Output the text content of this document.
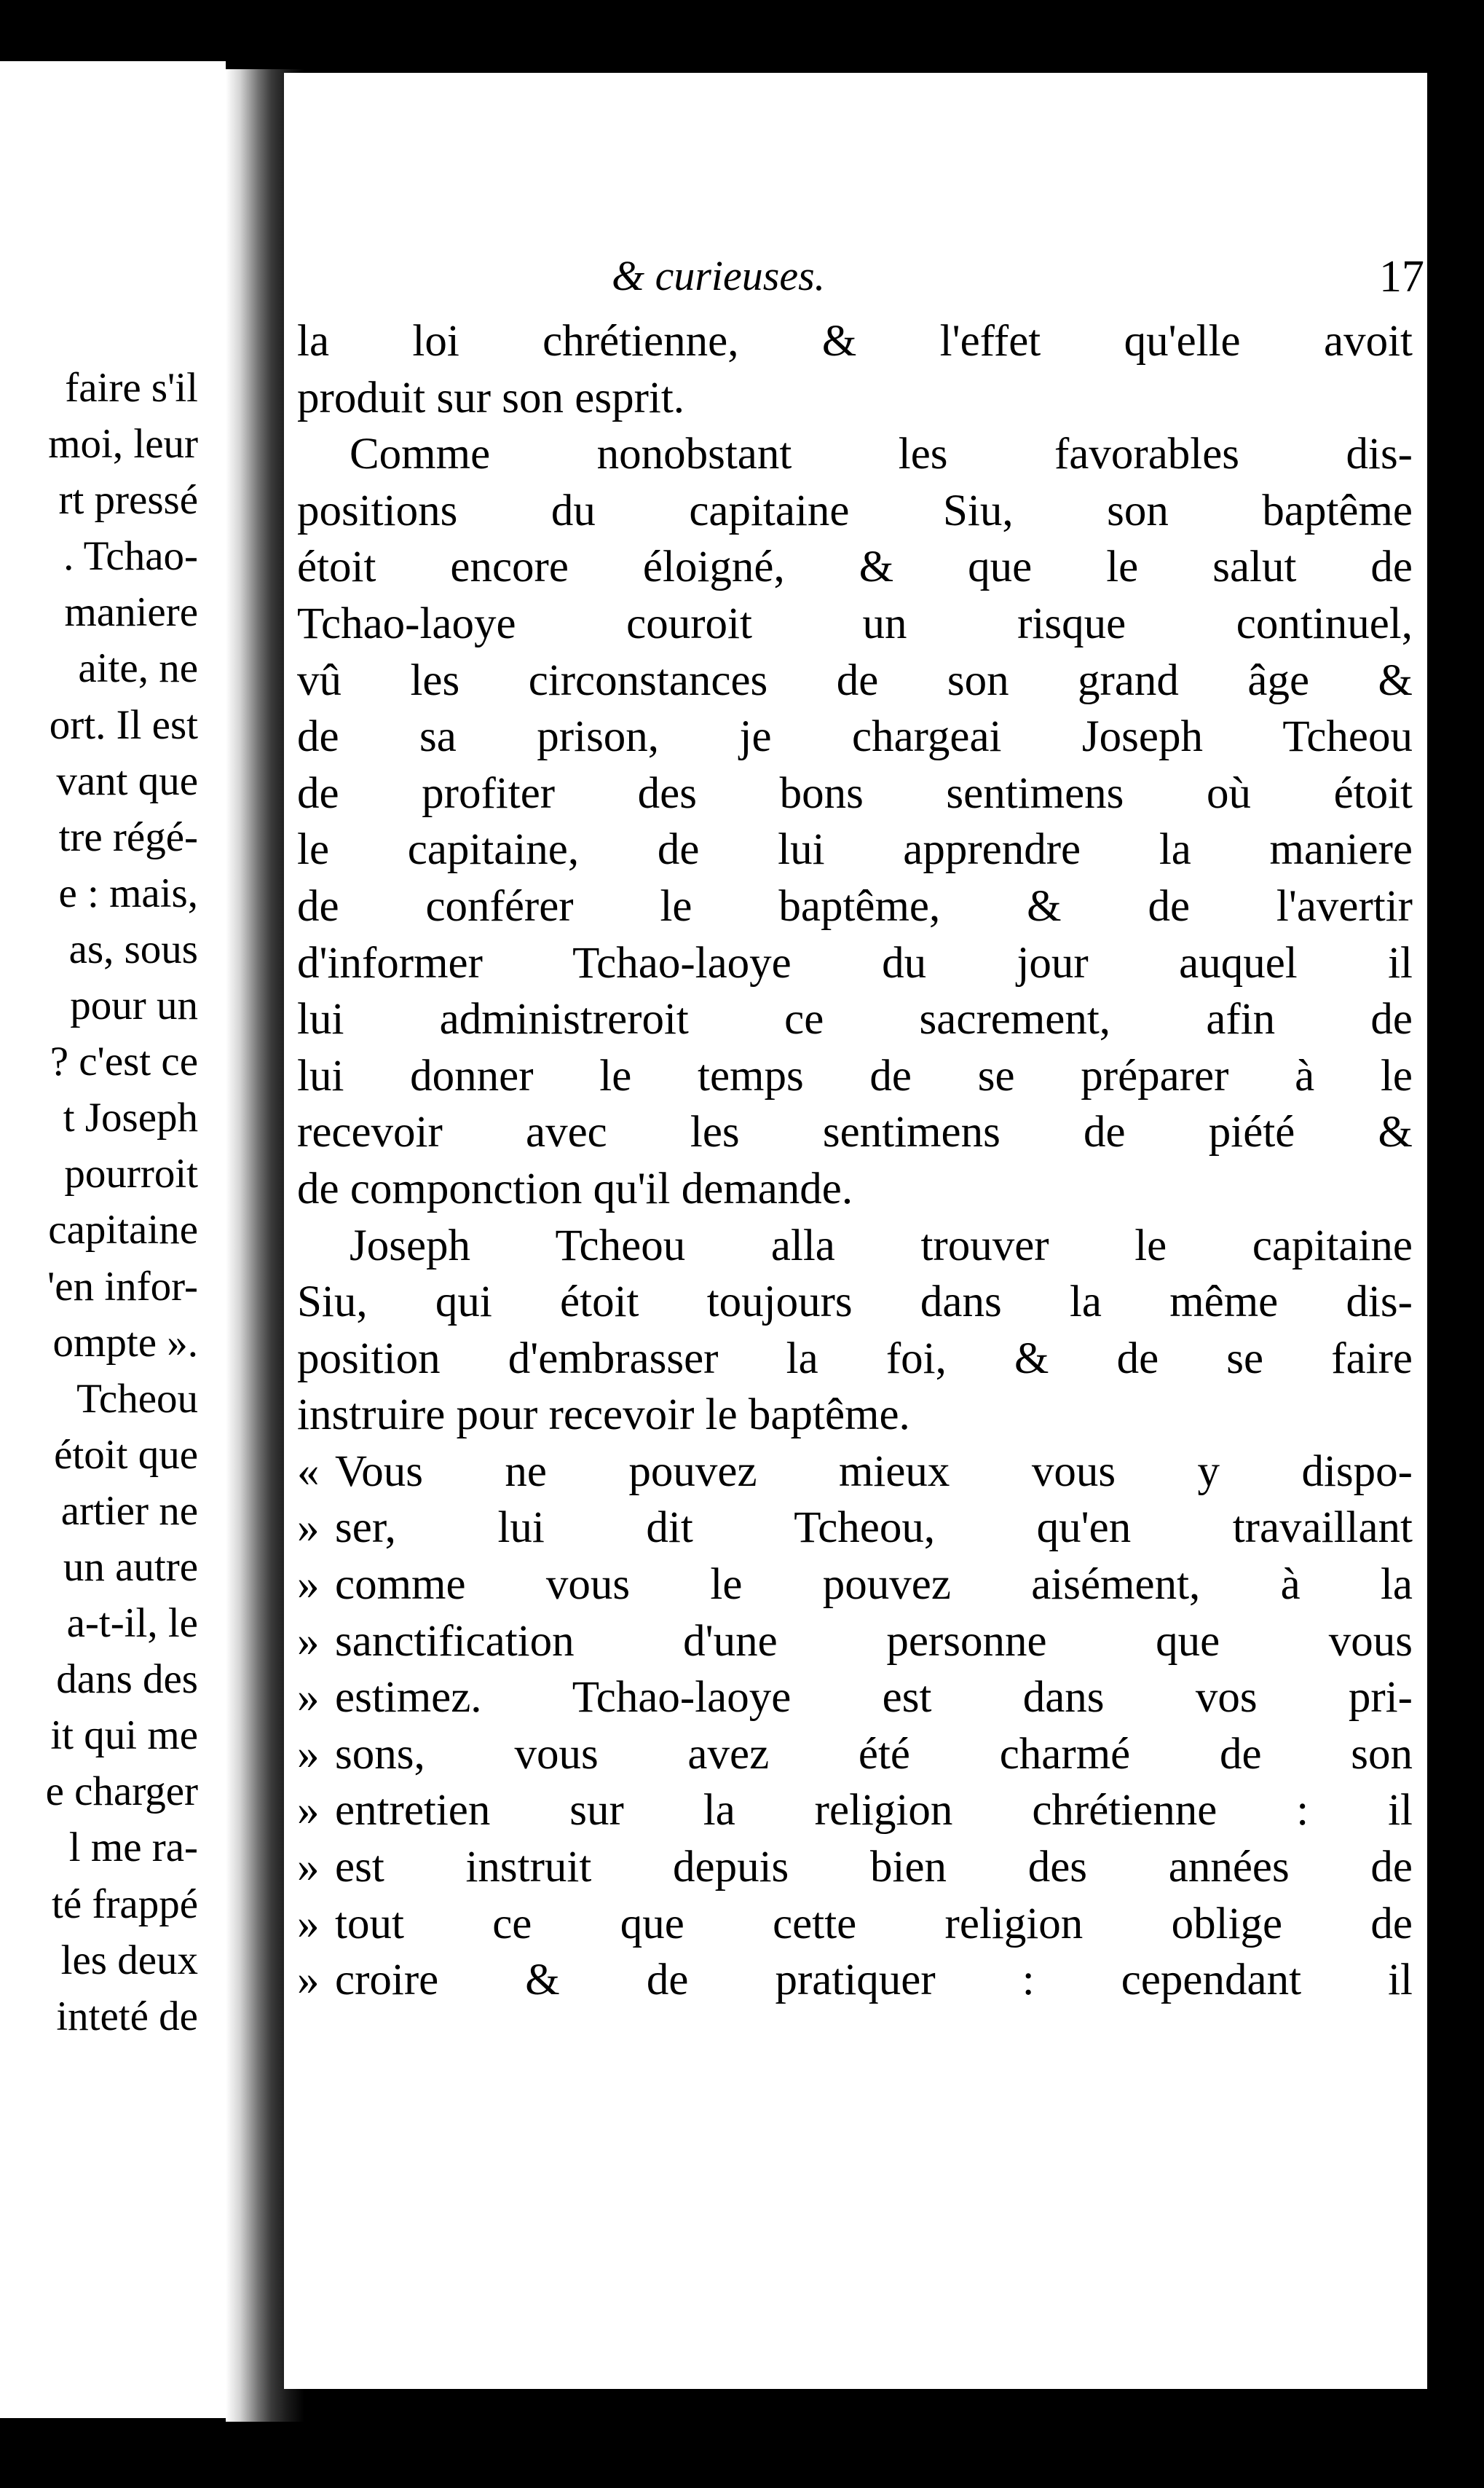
faire s'il
moi, leur
rt pressé
. Tchao-
maniere
aite, ne
ort. Il est
vant que
tre régé-
e : mais,
as, sous
pour un
? c'est ce
t Joseph
pourroit
capitaine
'en infor-
ompte ».
Tcheou
étoit que
artier ne
un autre
a-t-il, le
dans des
it qui me
e charger
l me ra-
té frappé
les deux
inteté de
& curieuses.	17
la loi chrétienne, & l'effet qu'elle avoit
produit sur son esprit.
Comme nonobstant les favorables dis-
positions du capitaine Siu, son baptême
étoit encore éloigné, & que le salut de
Tchao-laoye couroit un risque continuel,
vû les circonstances de son grand âge &
de sa prison, je chargeai Joseph Tcheou
de profiter des bons sentimens où étoit
le capitaine, de lui apprendre la maniere
de conférer le baptême, & de l'avertir
d'informer Tchao-laoye du jour auquel il
lui administreroit ce sacrement, afin de
lui donner le temps de se préparer à le
recevoir avec les sentimens de piété &
de componction qu'il demande.
Joseph Tcheou alla trouver le capitaine
Siu, qui étoit toujours dans la même dis-
position d'embrasser la foi, & de se faire
instruire pour recevoir le baptême.
« Vous ne pouvez mieux vous y dispo-
» ser, lui dit Tcheou, qu'en travaillant
» comme vous le pouvez aisément, à la
» sanctification d'une personne que vous
» estimez. Tchao-laoye est dans vos pri-
» sons, vous avez été charmé de son
» entretien sur la religion chrétienne : il
» est instruit depuis bien des années de
» tout ce que cette religion oblige de
» croire & de pratiquer : cependant il
